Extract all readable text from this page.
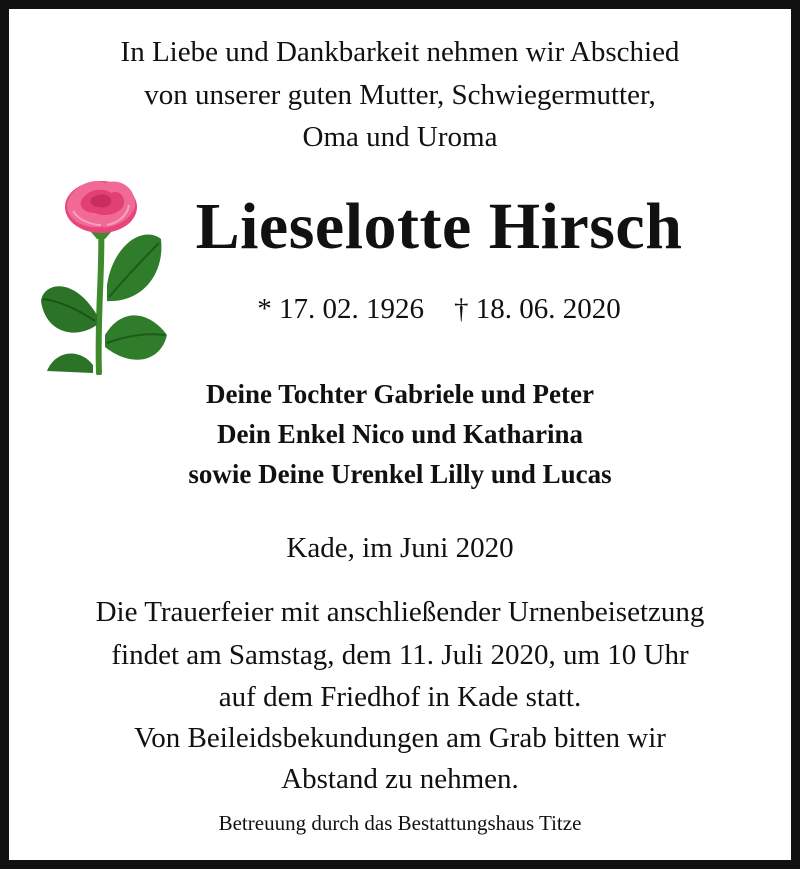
In Liebe und Dankbarkeit nehmen wir Abschied
von unserer guten Mutter, Schwiegermutter,
Oma und Uroma
Lieselotte Hirsch
* 17. 02. 1926 † 18. 06. 2020
Deine Tochter Gabriele und Peter
Dein Enkel Nico und Katharina
sowie Deine Urenkel Lilly und Lucas
Kade, im Juni 2020
Die Trauerfeier mit anschließender Urnenbeisetzung
findet am Samstag, dem 11. Juli 2020, um 10 Uhr
auf dem Friedhof in Kade statt.
Von Beileidsbekundungen am Grab bitten wir
Abstand zu nehmen.
Betreuung durch das Bestattungshaus Titze
